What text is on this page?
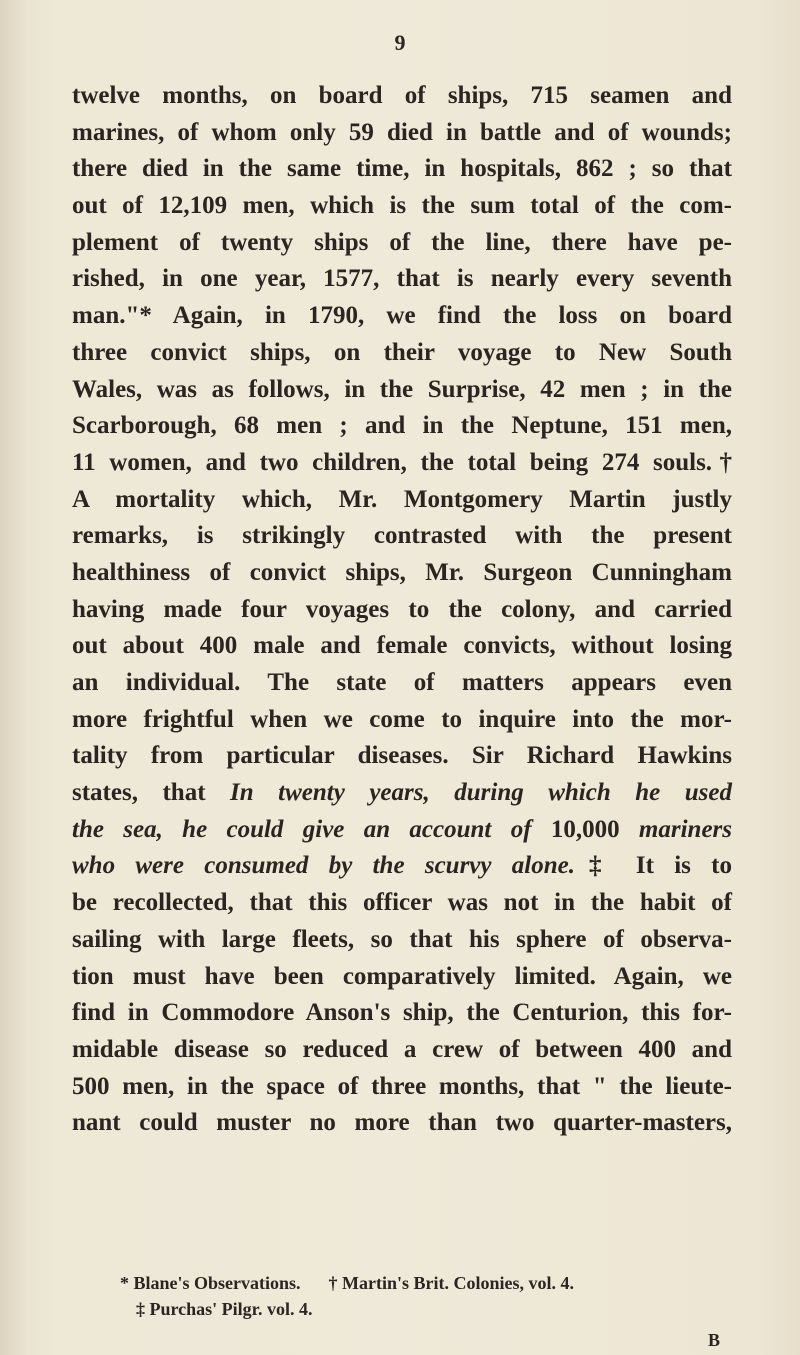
9
twelve months, on board of ships, 715 seamen and
marines, of whom only 59 died in battle and of wounds;
there died in the same time, in hospitals, 862 ; so that
out of 12,109 men, which is the sum total of the com-
plement of twenty ships of the line, there have pe-
rished, in one year, 1577, that is nearly every seventh
man."* Again, in 1790, we find the loss on board
three convict ships, on their voyage to New South
Wales, was as follows, in the Surprise, 42 men ; in the
Scarborough, 68 men ; and in the Neptune, 151 men,
11 women, and two children, the total being 274 souls.†
A mortality which, Mr. Montgomery Martin justly
remarks, is strikingly contrasted with the present
healthiness of convict ships, Mr. Surgeon Cunningham
having made four voyages to the colony, and carried
out about 400 male and female convicts, without losing
an individual. The state of matters appears even
more frightful when we come to inquire into the mor-
tality from particular diseases. Sir Richard Hawkins
states, that In twenty years, during which he used
the sea, he could give an account of 10,000 mariners
who were consumed by the scurvy alone.‡ It is to
be recollected, that this officer was not in the habit of
sailing with large fleets, so that his sphere of observa-
tion must have been comparatively limited. Again, we
find in Commodore Anson's ship, the Centurion, this for-
midable disease so reduced a crew of between 400 and
500 men, in the space of three months, that " the lieute-
nant could muster no more than two quarter-masters,
* Blane's Observations. † Martin's Brit. Colonies, vol. 4.
‡ Purchas' Pilgr. vol. 4.
B
